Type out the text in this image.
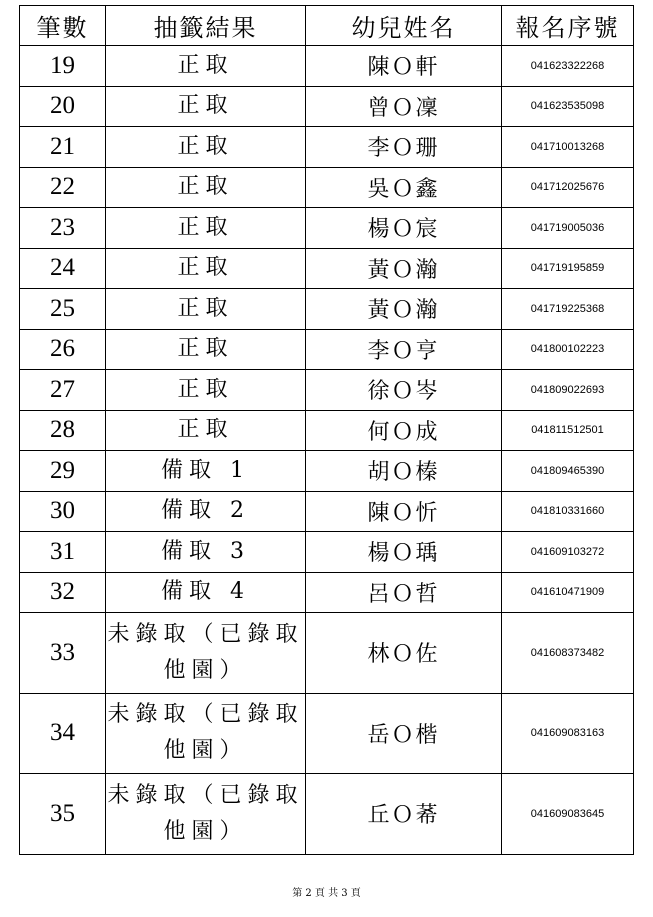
筆數	抽籤結果	幼兒姓名	報名序號
19	正取	陳Ｏ軒	041623322268
20	正取	曾Ｏ凜	041623535098
21	正取	李Ｏ珊	041710013268
22	正取	吳Ｏ鑫	041712025676
23	正取	楊Ｏ宸	041719005036
24	正取	黃Ｏ瀚	041719195859
25	正取	黃Ｏ瀚	041719225368
26	正取	李Ｏ亨	041800102223
27	正取	徐Ｏ岑	041809022693
28	正取	何Ｏ成	041811512501
29	備取 1	胡Ｏ榛	041809465390
30	備取 2	陳Ｏ忻	041810331660
31	備取 3	楊Ｏ瑀	041609103272
32	備取 4	呂Ｏ哲	041610471909
33	未錄取（已錄取他園）	林Ｏ佐	041608373482
34	未錄取（已錄取他園）	岳Ｏ楷	041609083163
35	未錄取（已錄取他園）	丘Ｏ莃	041609083645
第 2 頁 共 3 頁
